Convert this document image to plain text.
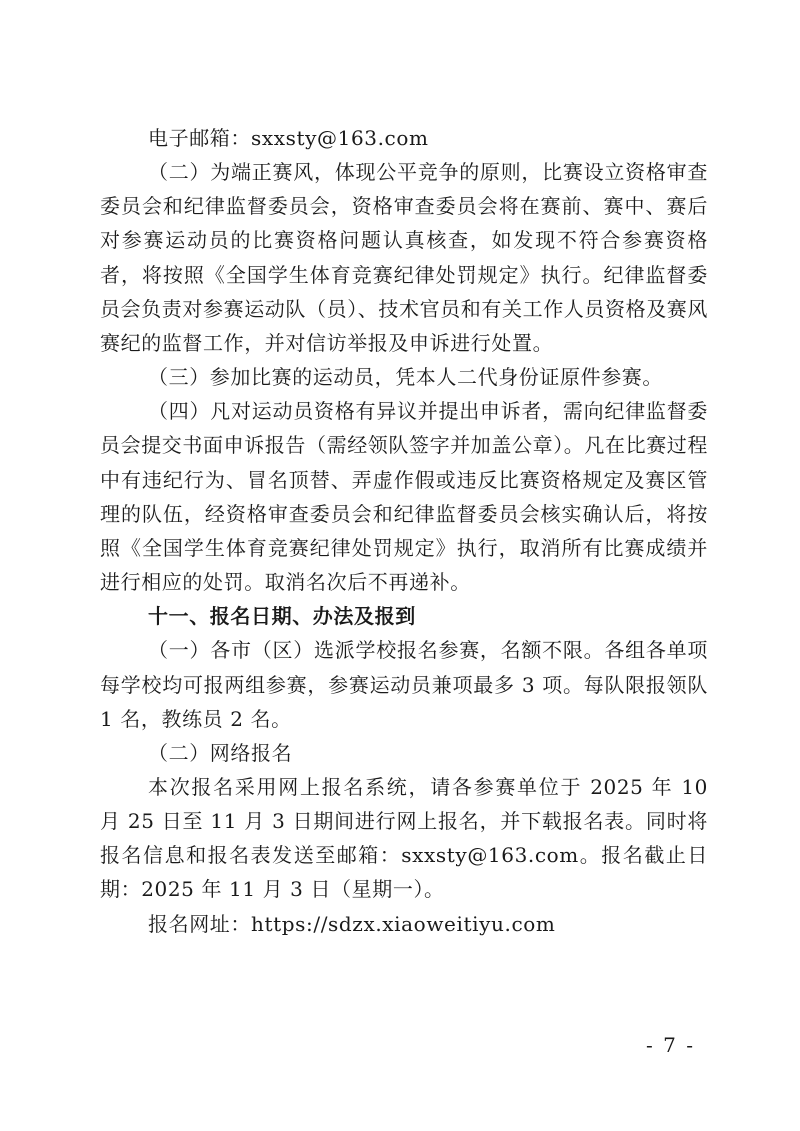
电子邮箱：sxxsty@163.com

（二）为端正赛风，体现公平竞争的原则，比赛设立资格审查委员会和纪律监督委员会，资格审查委员会将在赛前、赛中、赛后对参赛运动员的比赛资格问题认真核查，如发现不符合参赛资格者，将按照《全国学生体育竞赛纪律处罚规定》执行。纪律监督委员会负责对参赛运动队（员）、技术官员和有关工作人员资格及赛风赛纪的监督工作，并对信访举报及申诉进行处置。

（三）参加比赛的运动员，凭本人二代身份证原件参赛。

（四）凡对运动员资格有异议并提出申诉者，需向纪律监督委员会提交书面申诉报告（需经领队签字并加盖公章）。凡在比赛过程中有违纪行为、冒名顶替、弄虚作假或违反比赛资格规定及赛区管理的队伍，经资格审查委员会和纪律监督委员会核实确认后，将按照《全国学生体育竞赛纪律处罚规定》执行，取消所有比赛成绩并进行相应的处罚。取消名次后不再递补。

十一、报名日期、办法及报到

（一）各市（区）选派学校报名参赛，名额不限。各组各单项每学校均可报两组参赛，参赛运动员兼项最多 3 项。每队限报领队 1 名，教练员 2 名。

（二）网络报名

本次报名采用网上报名系统，请各参赛单位于 2025 年 10 月 25 日至 11 月 3 日期间进行网上报名，并下载报名表。同时将报名信息和报名表发送至邮箱：sxxsty@163.com。报名截止日期：2025 年 11 月 3 日（星期一）。

报名网址：https://sdzx.xiaoweitiyu.com

- 7 -
